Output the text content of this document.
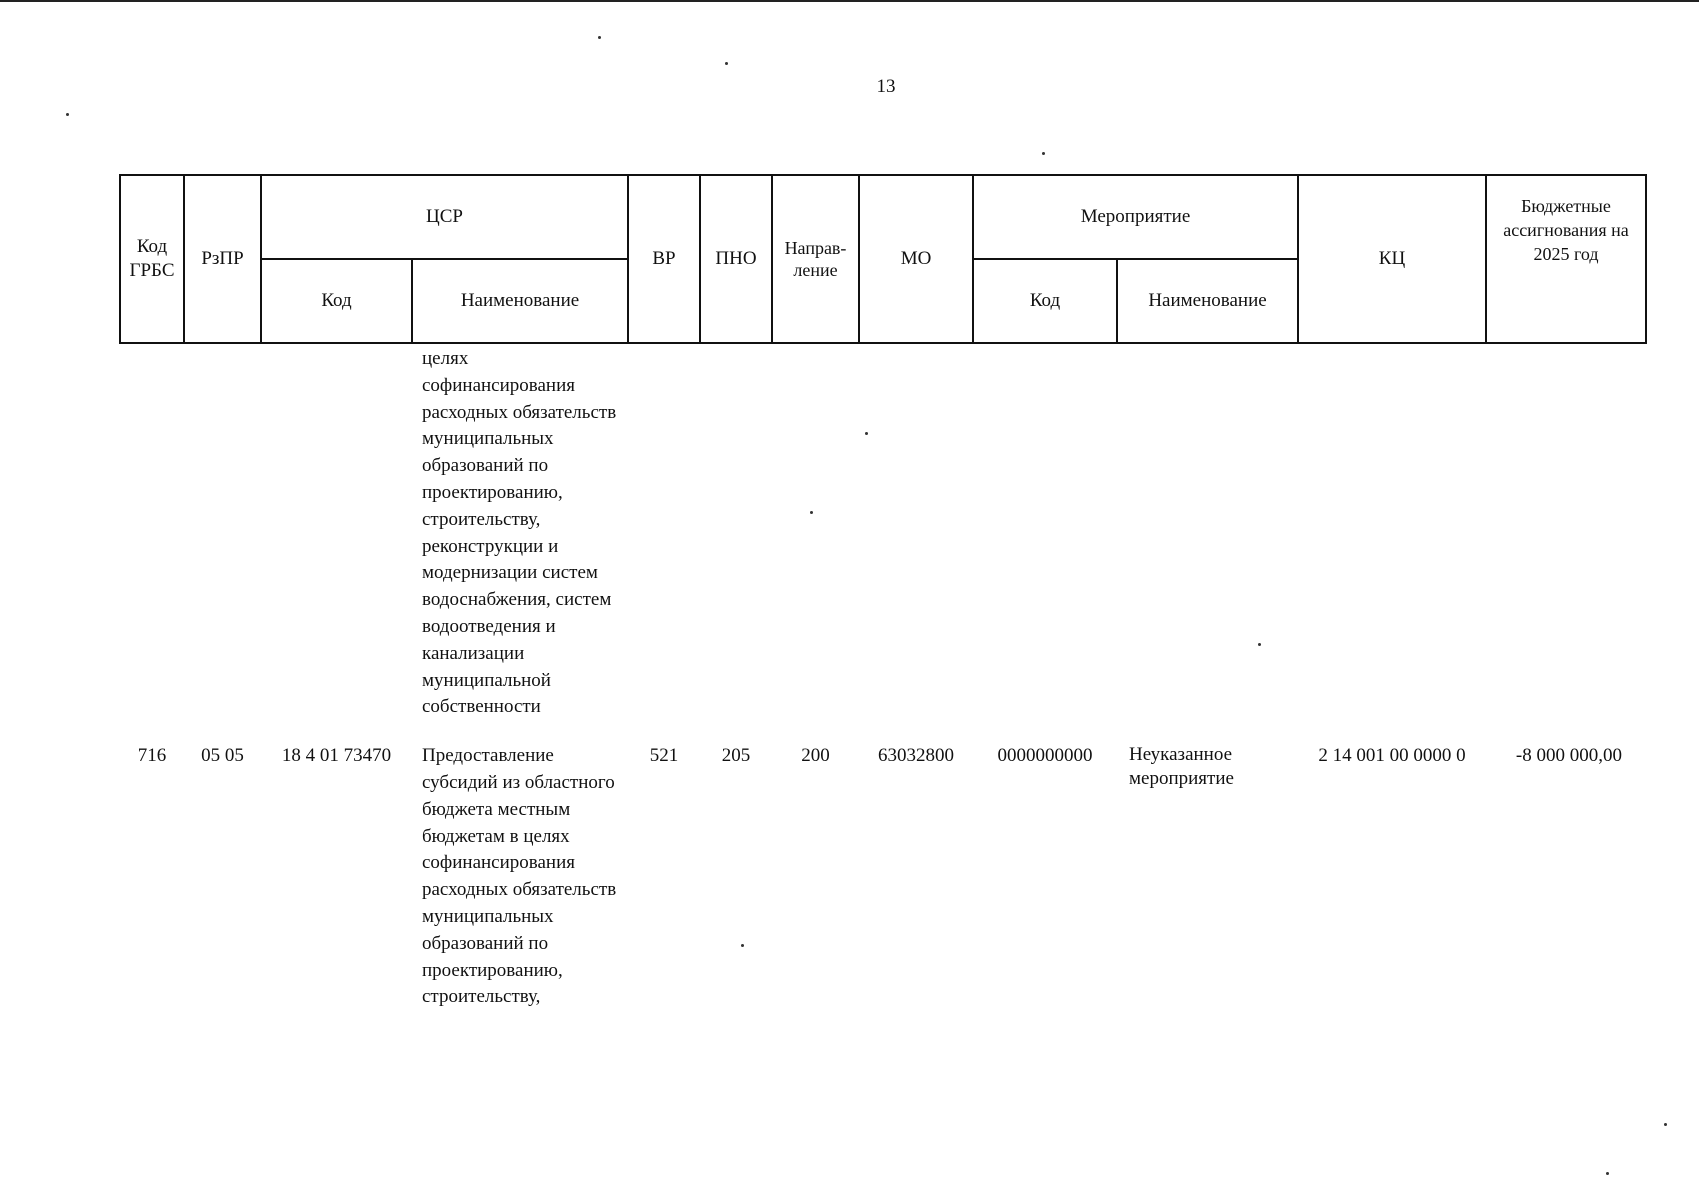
13
Код ГРБС	РзПР	ЦСР		ВР	ПНО	Направ-ление	МО	Мероприятие		КЦ	Бюджетные ассигнования на 2025 год
		Код	Наименование					Код	Наименование		
			целях софинансирования расходных обязательств муниципальных образований по проектированию, строительству, реконструкции и модернизации систем водоснабжения, систем водоотведения и канализации муниципальной собственности								
716	05 05	18 4 01 73470	Предоставление субсидий из областного бюджета местным бюджетам в целях софинансирования расходных обязательств муниципальных образований по проектированию, строительству,	521	205	200	63032800	0000000000	Неуказанное мероприятие	2 14 001 00 0000 0	-8 000 000,00
